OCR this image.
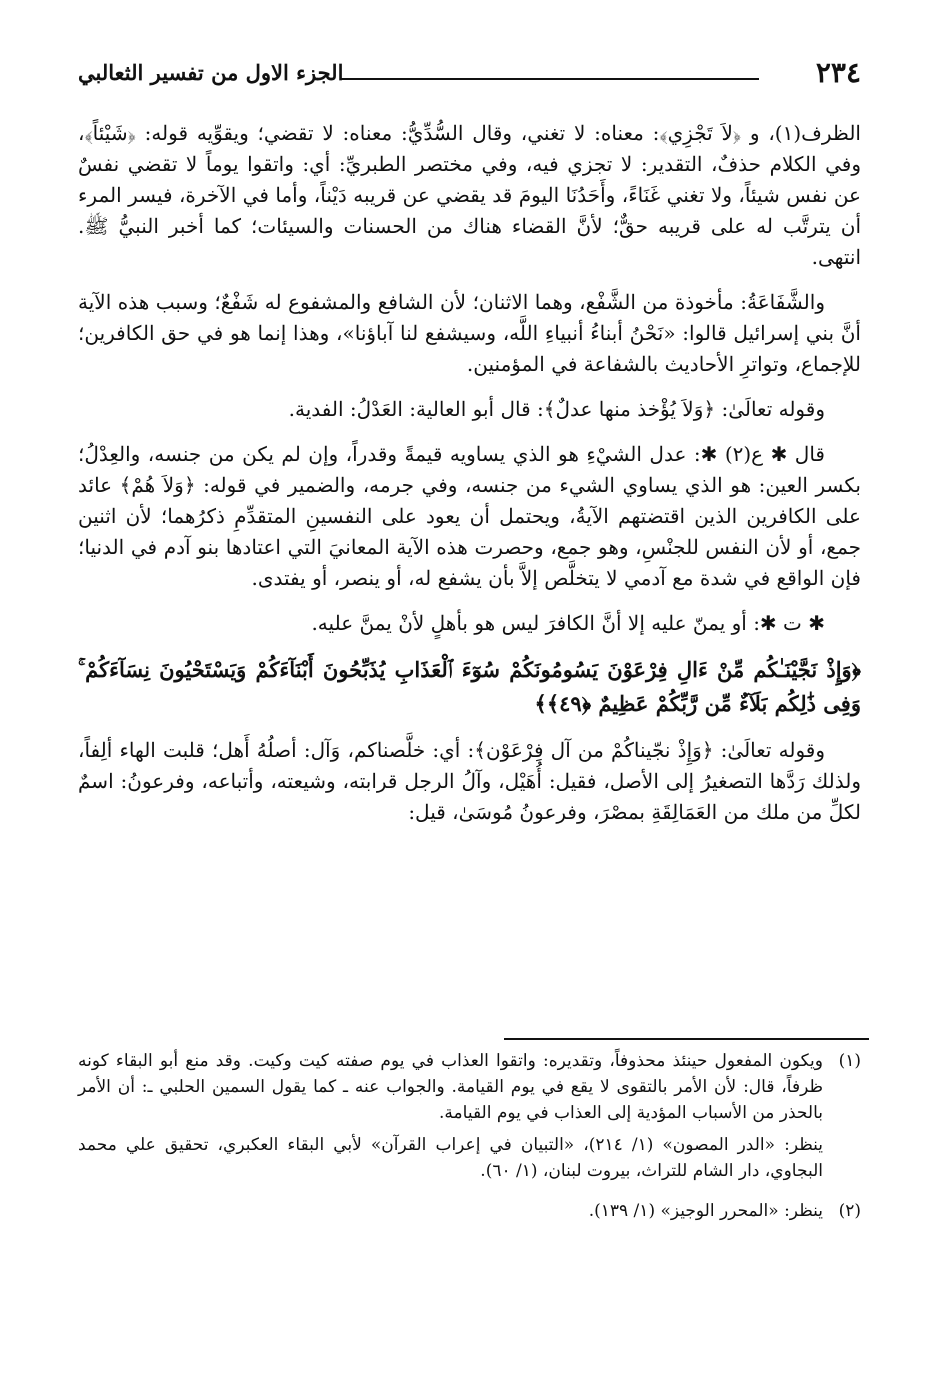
٢٣٤
الجزء الاول من تفسير الثعالبي

الظرف(١)، و ﴿لاَ تَجْزِي﴾: معناه: لا تغني، وقال السُّدِّيُّ: معناه: لا تقضي؛ ويقوِّيه قوله: ﴿شَيْئاً﴾، وفي الكلام حذفٌ، التقدير: لا تجزي فيه، وفي مختصر الطبريِّ: أي: واتقوا يوماً لا تقضي نفسٌ عن نفس شيئاً، ولا تغني غَنَاءً، وأَحَدُنَا اليومَ قد يقضي عن قريبه دَيْناً، وأما في الآخرة، فيسر المرء أن يترتَّب له على قريبه حقٌّ؛ لأنَّ القضاء هناك من الحسنات والسيئات؛ كما أخبر النبيُّ ﷺ. انتهى.

والشَّفَاعَةُ: مأخوذة من الشَّفْع، وهما الاثنان؛ لأن الشافع والمشفوع له شَفْعٌ؛ وسبب هذه الآية أنَّ بني إسرائيل قالوا: «نَحْنُ أبناءُ أنبياءِ اللَّه، وسيشفع لنا آباؤنا»، وهذا إنما هو في حق الكافرين؛ للإجماع، وتواترِ الأحاديث بالشفاعة في المؤمنين.

وقوله تعالَىٰ: ﴿وَلاَ يُؤْخذ منها عدلٌ﴾: قال أبو العالية: العَدْلُ: الفدية.

قال ✱ ع(٢) ✱: عدل الشيْءِ هو الذي يساويه قيمةً وقدراً، وإن لم يكن من جنسه، والعِدْلُ؛ بكسر العين: هو الذي يساوي الشيء من جنسه، وفي جرمه، والضمير في قوله: ﴿وَلاَ هُمْ﴾ عائد على الكافرين الذين اقتضتهم الآيةُ، ويحتمل أن يعود على النفسينِ المتقدِّمِ ذكرُهما؛ لأن اثنين جمع، أو لأن النفس للجنْسِ، وهو جمع، وحصرت هذه الآية المعانيَ التي اعتادها بنو آدم في الدنيا؛ فإن الواقع في شدة مع آدمي لا يتخلَّص إلاَّ بأن يشفع له، أو ينصر، أو يفتدى.

✱ ت ✱: أو يمنّ عليه إلا أنَّ الكافرَ ليس هو بأهلٍ لأنْ يمنَّ عليه.

﴿وَإِذْ نَجَّيْنَـٰكُم مِّنْ ءَالِ فِرْعَوْنَ يَسُومُونَكُمْ سُوٓءَ ٱلْعَذَابِ يُذَبِّحُونَ أَبْنَآءَكُمْ وَيَسْتَحْيُونَ نِسَآءَكُمْ ۚ وَفِى ذَٰلِكُم بَلَآءٌ مِّن رَّبِّكُمْ عَظِيمٌ ﴿٤٩﴾﴾

وقوله تعالَىٰ: ﴿وَإِذْ نجّيناكُمْ من آل فِرْعَوْن﴾: أي: خلَّصناكم، وَآل: أصلُهُ أَهل؛ قلبت الهاء ألِفاً، ولذلك رَدَّها التصغيرُ إلى الأصل، فقيل: أُهَيْل، وآلُ الرجل قرابته، وشيعته، وأتباعه، وفرعونُ: اسمٌ لكلِّ من ملك من العَمَالِقَةِ بمصْرَ، وفرعونُ مُوسَىٰ، قيل:

(١)

ويكون المفعول حينئذ محذوفاً، وتقديره: واتقوا العذاب في يوم صفته كيت وكيت. وقد منع أبو البقاء كونه ظرفاً، قال: لأن الأمر بالتقوى لا يقع في يوم القيامة. والجواب عنه ـ كما يقول السمين الحلبي ـ: أن الأمر بالحذر من الأسباب المؤدية إلى العذاب في يوم القيامة.

ينظر: «الدر المصون» (١/ ٢١٤)، «التبيان في إعراب القرآن» لأبي البقاء العكبري، تحقيق علي محمد البجاوي، دار الشام للتراث، بيروت لبنان، (١/ ٦٠).

(٢)

ينظر: «المحرر الوجيز» (١/ ١٣٩).
